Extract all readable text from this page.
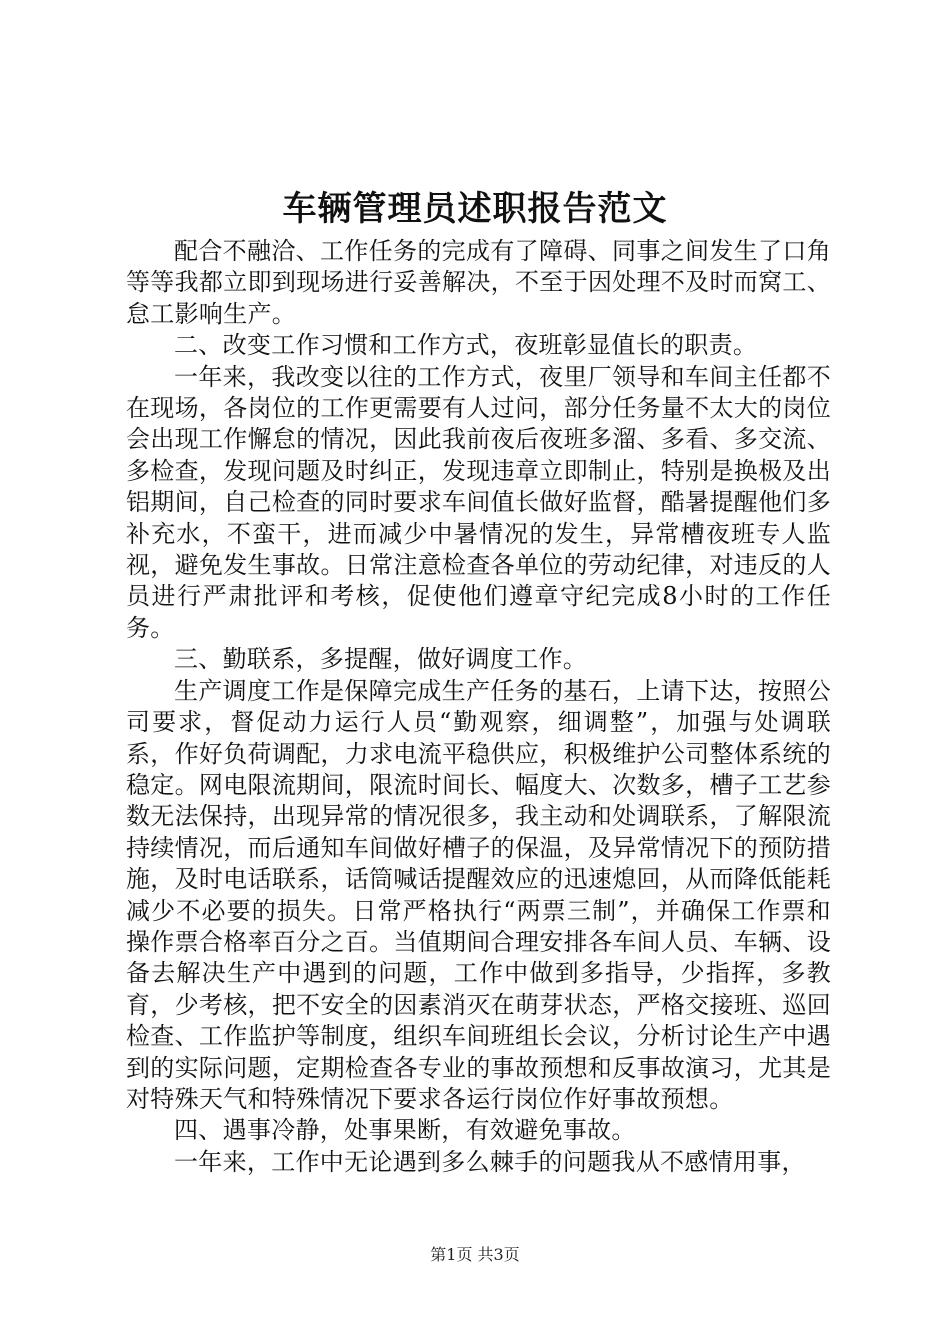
车辆管理员述职报告范文

配合不融洽、工作任务的完成有了障碍、同事之间发生了口角等等我都立即到现场进行妥善解决，不至于因处理不及时而窝工、怠工影响生产。

二、改变工作习惯和工作方式，夜班彰显值长的职责。

一年来，我改变以往的工作方式，夜里厂领导和车间主任都不在现场，各岗位的工作更需要有人过问，部分任务量不太大的岗位会出现工作懈怠的情况，因此我前夜后夜班多溜、多看、多交流、多检查，发现问题及时纠正，发现违章立即制止，特别是换极及出铝期间，自己检查的同时要求车间值长做好监督，酷暑提醒他们多补充水，不蛮干，进而减少中暑情况的发生，异常槽夜班专人监视，避免发生事故。日常注意检查各单位的劳动纪律，对违反的人员进行严肃批评和考核，促使他们遵章守纪完成8小时的工作任务。

三、勤联系，多提醒，做好调度工作。

生产调度工作是保障完成生产任务的基石，上请下达，按照公司要求，督促动力运行人员“勤观察，细调整”，加强与处调联系，作好负荷调配，力求电流平稳供应，积极维护公司整体系统的稳定。网电限流期间，限流时间长、幅度大、次数多，槽子工艺参数无法保持，出现异常的情况很多，我主动和处调联系，了解限流持续情况，而后通知车间做好槽子的保温，及异常情况下的预防措施，及时电话联系，话筒喊话提醒效应的迅速熄回，从而降低能耗减少不必要的损失。日常严格执行“两票三制”，并确保工作票和操作票合格率百分之百。当值期间合理安排各车间人员、车辆、设备去解决生产中遇到的问题，工作中做到多指导，少指挥，多教育，少考核，把不安全的因素消灭在萌芽状态，严格交接班、巡回检查、工作监护等制度，组织车间班组长会议，分析讨论生产中遇到的实际问题，定期检查各专业的事故预想和反事故演习，尤其是对特殊天气和特殊情况下要求各运行岗位作好事故预想。

四、遇事冷静，处事果断，有效避免事故。

一年来，工作中无论遇到多么棘手的问题我从不感情用事，

第1页 共3页
